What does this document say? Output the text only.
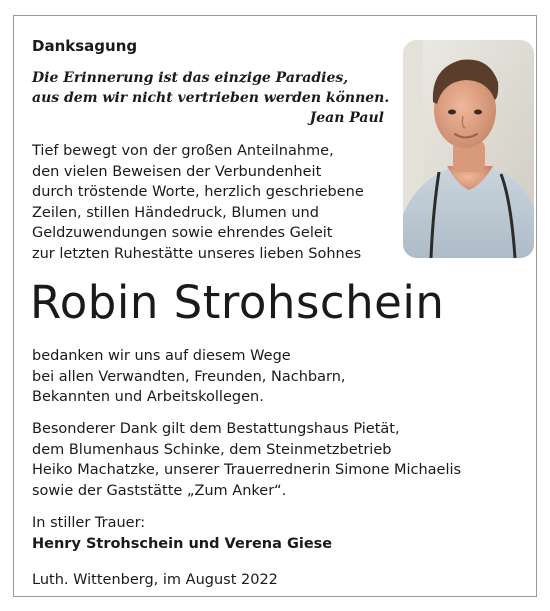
Danksagung
Die Erinnerung ist das einzige Paradies,
aus dem wir nicht vertrieben werden können.
Jean Paul
Tief bewegt von der großen Anteilnahme,
den vielen Beweisen der Verbundenheit
durch tröstende Worte, herzlich geschriebene
Zeilen, stillen Händedruck, Blumen und
Geldzuwendungen sowie ehrendes Geleit
zur letzten Ruhestätte unseres lieben Sohnes
Robin Strohschein
bedanken wir uns auf diesem Wege
bei allen Verwandten, Freunden, Nachbarn,
Bekannten und Arbeitskollegen.
Besonderer Dank gilt dem Bestattungshaus Pietät,
dem Blumenhaus Schinke, dem Steinmetzbetrieb
Heiko Machatzke, unserer Trauerrednerin Simone Michaelis
sowie der Gaststätte „Zum Anker“.
In stiller Trauer:
Henry Strohschein und Verena Giese
Luth. Wittenberg, im August 2022
